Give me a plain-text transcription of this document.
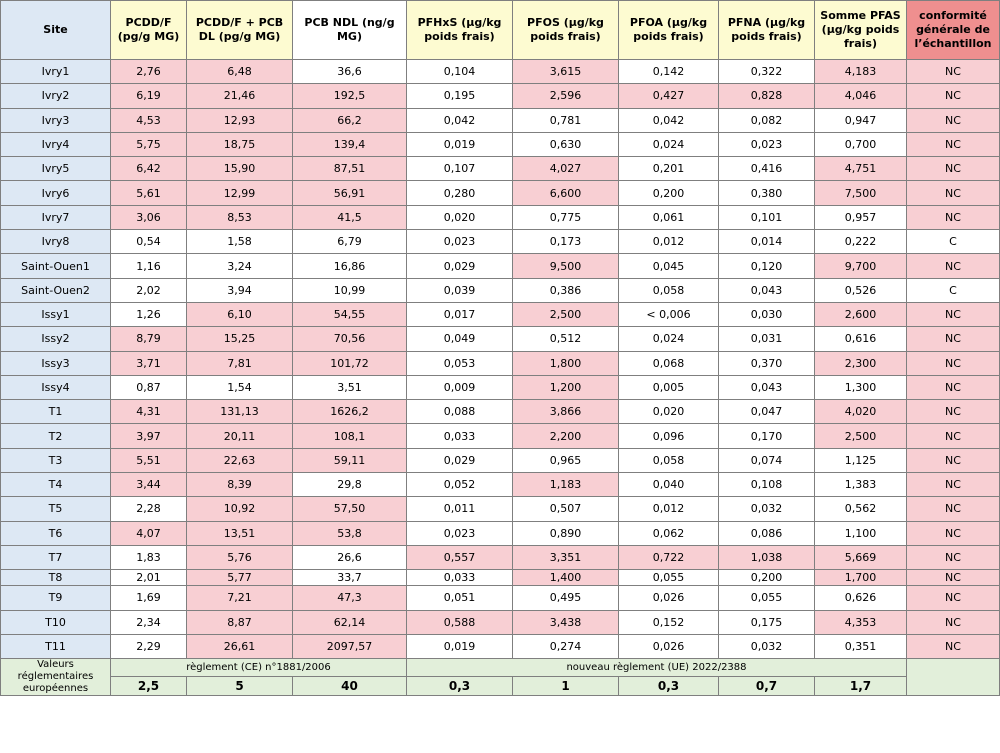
Site	PCDD/F (pg/g MG)	PCDD/F + PCB DL (pg/g MG)	PCB NDL (ng/g MG)	PFHxS (µg/kg poids frais)	PFOS (µg/kg poids frais)	PFOA (µg/kg poids frais)	PFNA (µg/kg poids frais)	Somme PFAS (µg/kg poids frais)	conformité générale de l’échantillon
Ivry1	2,76	6,48	36,6	0,104	3,615	0,142	0,322	4,183	NC
Ivry2	6,19	21,46	192,5	0,195	2,596	0,427	0,828	4,046	NC
Ivry3	4,53	12,93	66,2	0,042	0,781	0,042	0,082	0,947	NC
Ivry4	5,75	18,75	139,4	0,019	0,630	0,024	0,023	0,700	NC
Ivry5	6,42	15,90	87,51	0,107	4,027	0,201	0,416	4,751	NC
Ivry6	5,61	12,99	56,91	0,280	6,600	0,200	0,380	7,500	NC
Ivry7	3,06	8,53	41,5	0,020	0,775	0,061	0,101	0,957	NC
Ivry8	0,54	1,58	6,79	0,023	0,173	0,012	0,014	0,222	C
Saint-Ouen1	1,16	3,24	16,86	0,029	9,500	0,045	0,120	9,700	NC
Saint-Ouen2	2,02	3,94	10,99	0,039	0,386	0,058	0,043	0,526	C
Issy1	1,26	6,10	54,55	0,017	2,500	< 0,006	0,030	2,600	NC
Issy2	8,79	15,25	70,56	0,049	0,512	0,024	0,031	0,616	NC
Issy3	3,71	7,81	101,72	0,053	1,800	0,068	0,370	2,300	NC
Issy4	0,87	1,54	3,51	0,009	1,200	0,005	0,043	1,300	NC
T1	4,31	131,13	1626,2	0,088	3,866	0,020	0,047	4,020	NC
T2	3,97	20,11	108,1	0,033	2,200	0,096	0,170	2,500	NC
T3	5,51	22,63	59,11	0,029	0,965	0,058	0,074	1,125	NC
T4	3,44	8,39	29,8	0,052	1,183	0,040	0,108	1,383	NC
T5	2,28	10,92	57,50	0,011	0,507	0,012	0,032	0,562	NC
T6	4,07	13,51	53,8	0,023	0,890	0,062	0,086	1,100	NC
T7	1,83	5,76	26,6	0,557	3,351	0,722	1,038	5,669	NC
T8	2,01	5,77	33,7	0,033	1,400	0,055	0,200	1,700	NC
T9	1,69	7,21	47,3	0,051	0,495	0,026	0,055	0,626	NC
T10	2,34	8,87	62,14	0,588	3,438	0,152	0,175	4,353	NC
T11	2,29	26,61	2097,57	0,019	0,274	0,026	0,032	0,351	NC
Valeurs réglementaires européennes	règlement (CE) n°1881/2006			nouveau règlement (UE) 2022/2388					
	2,5	5	40	0,3	1	0,3	0,7	1,7	
